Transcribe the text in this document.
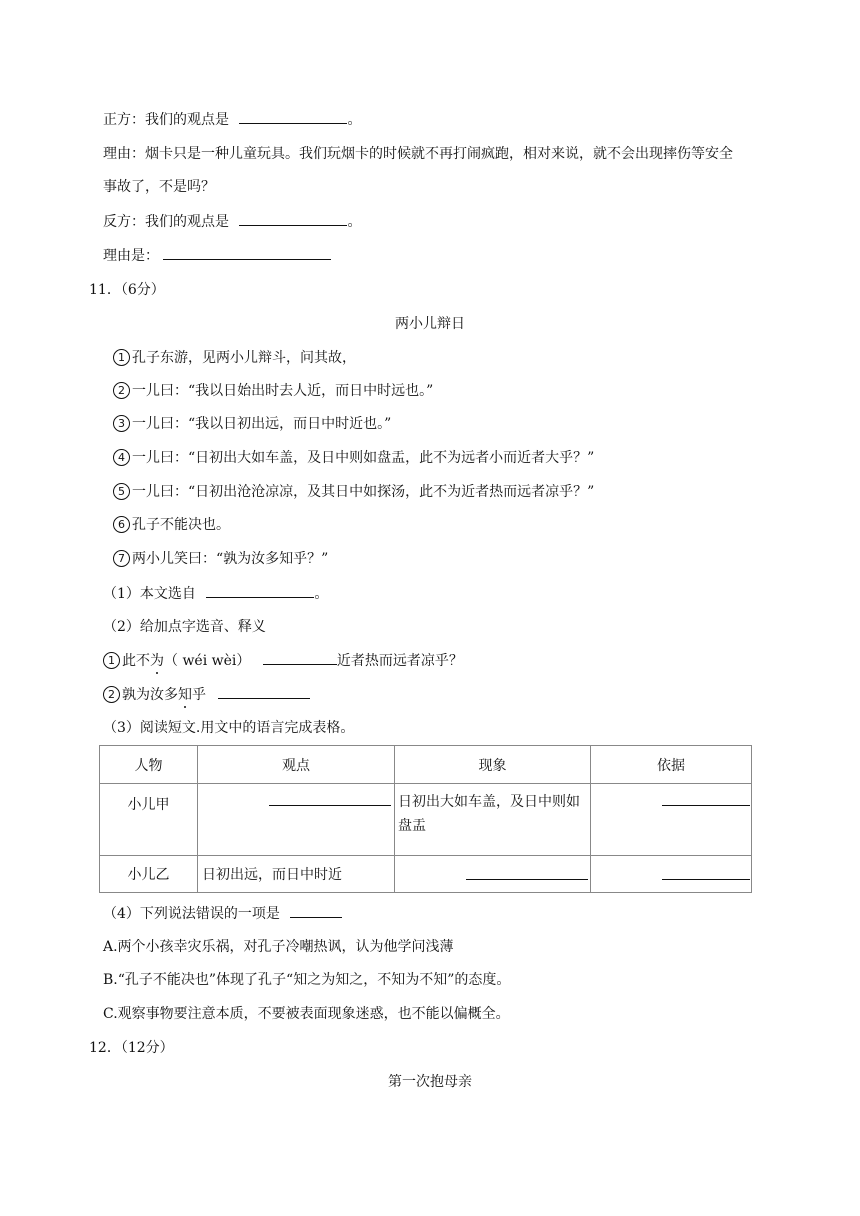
正方：我们的观点是	。
理由：烟卡只是一种儿童玩具。我们玩烟卡的时候就不再打闹疯跑，相对来说，就不会出现摔伤等安全
事故了，不是吗？
反方：我们的观点是	。
理由是：
11．（6分）
两小儿辩日
1 孔子东游，见两小儿辩斗，问其故，
2 一儿曰：“我以日始出时去人近，而日中时远也。”
3 一儿曰：“我以日初出远，而日中时近也。”
4 一儿曰：“日初出大如车盖，及日中则如盘盂，此不为远者小而近者大乎？”
5 一儿曰：“日初出沧沧凉凉，及其日中如探汤，此不为近者热而远者凉乎？”
6 孔子不能决也。
7 两小儿笑曰：“孰为汝多知乎？”
（1）本文选自	。
（2）给加点字选音、释义
1 此不为（ wéi wèi）	近者热而远者凉乎？
2 孰为汝多知乎
（3）阅读短文.用文中的语言完成表格。
人物	观点	现象	依据
小儿甲		日初出大如车盖，及日中则如
盘盂	

小儿乙	日初出远，而日中时近	

（4）下列说法错误的一项是
A.两个小孩幸灾乐祸，对孔子冷嘲热讽，认为他学问浅薄
B.“孔子不能决也”体现了孔子“知之为知之，不知为不知”的态度。
C.观察事物要注意本质，不要被表面现象迷惑，也不能以偏概全。
12．（12分）
第一次抱母亲
